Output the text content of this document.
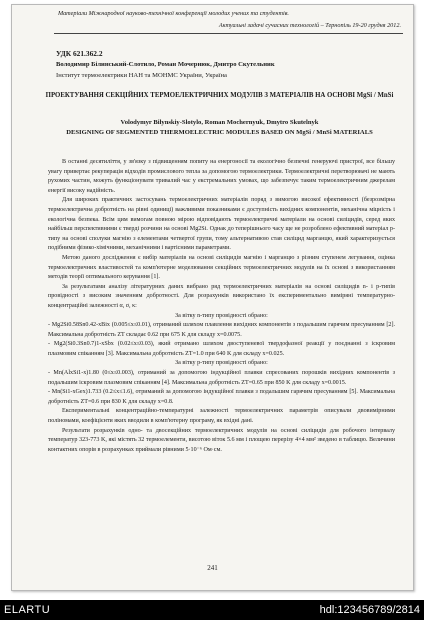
Матеріали Міжнародної науково-технічної конференції молодих учених та студентів.
Актуальні задачі сучасних технологій – Тернопіль 19-20 грудня 2012.
УДК 621.362.2
Володимир Білинський-Слотило, Роман Мочернюк, Дмитро Скутельник
Інститут термоелектрики НАН та МОНМС України, Україна
ПРОЕКТУВАННЯ СЕКЦІЙНИХ ТЕРМОЕЛЕКТРИЧНИХ МОДУЛІВ З МАТЕРІАЛІВ НА ОСНОВІ MgSi / MnSi
Volodymyr Bilynskiy-Slotylo, Roman Mochernyuk, Dmytro Skutelnyk
DESIGNING OF SEGMENTED THERMOELECTRIC MODULES BASED ON MgSi / MnSi MATERIALS

В останні десятиліття, у зв'язку з підвищенням попиту на енергоносії та екологічно безпечні генеруючі пристрої, все більшу увагу привертає рекуперація відходів промислового тепла за допомогою термоелектрики. Термоелектричні перетворювачі не мають рухомих частин, можуть функціонувати тривалий час у екстремальних умовах, що забезпечує таким термоелектричним джерелам енергії високу надійність.

Для широких практичних застосувань термоелектричних матеріалів поряд з вимогою високої ефективності (безрозмірна термоелектрична добротність на рівні одиниці) важливими показниками є доступність вихідних компонентів, механічна міцність і екологічна безпека. Всім цим вимогам повною мірою відповідають термоелектричні матеріали на основі силіцидів, серед яких найбільш перспективними є тверді розчини на основі Mg2Si. Однак до теперішнього часу ще не розроблено ефективний матеріал p-типу на основі сполуки магнію з елементами четвертої групи, тому альтернативою став силіцид марганцю, який характеризується подібними фізико-хімічними, механічними і вартісними параметрами.

Метою даного дослідження є вибір матеріалів на основі силіцидів магнію і марганцю з різним ступенем легування, оцінка термоелектричних властивостей та комп'ютерне моделювання секційних термоелектричних модулів на їх основі з використанням методів теорії оптимального керування [1].

За результатами аналізу літературних даних вибрано ряд термоелектричних матеріалів на основі силіцидів n- і p-типів провідності з високим значенням добротності. Для розрахунків використано їх експериментально виміряні температурно-концентраційні залежності α, σ, κ:

За вітку n-типу провідності обрано:

- Mg2Si0.58Sn0.42-xBix (0.005≤x≤0.01), отриманий шляхом плавлення вихідних компонентів з подальшим гарячим пресуванням [2]. Максимальна добротність ZT складає 0.62 при 675 K для складу x=0.0075.

- Mg2(Si0.3Sn0.7)1-xSbx (0.02≤x≤0.03), який отримано шляхом двоступеневої твердофазної реакції у поєднанні з іскровим плазмовим спіканням [3]. Максимальна добротність ZT=1.0 при 640 K для складу x=0.025.

За вітку p-типу провідності обрано:

- Mn(AlxSi1-x)1.80 (0≤x≤0.003), отриманий за допомогою індукційної плавки спресованих порошків вихідних компонентів з подальшим іскровим плазмовим спіканням [4]. Максимальна добротність ZT=0.65 при 850 K для складу x=0.0015.

- Mn(Si1-xGex)1.733 (0.2≤x≤1.6), отриманий за допомогою індукційної плавки з подальшим гарячим пресуванням [5]. Максимальна добротність ZT=0.6 при 830 K для складу x=0.8.

Експериментальні концентраційно-температурні залежності термоелектричних параметрів описували двовимірними поліномами, коефіцієнти яких вводили в комп'ютерну програму, як вхідні дані.

Результати розрахунків одно- та двосекційних термоелектричних модулів на основі силіцидів для робочого інтервалу температур 323-773 K, які містять 32 термоелементи, висотою віток 5.6 мм і площею перерізу 4×4 мм² зведено в таблицю. Величини контактних опорів в розрахунках приймали рівними 5·10⁻⁶ Ом·см.

241
ELARTU	hdl:123456789/2814
